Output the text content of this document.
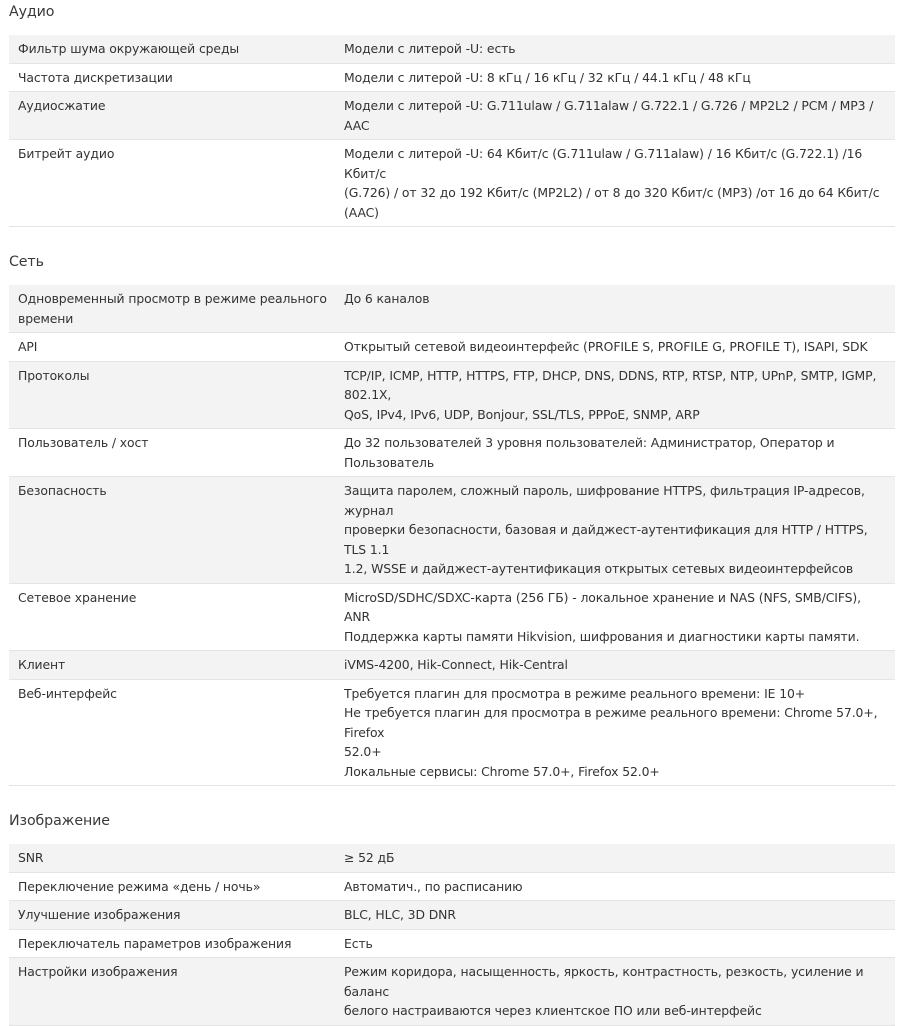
Аудио
Фильтр шума окружающей среды	Модели с литерой -U: есть
Частота дискретизации	Модели с литерой -U: 8 кГц / 16 кГц / 32 кГц / 44.1 кГц / 48 кГц
Аудиосжатие	Модели с литерой -U: G.711ulaw / G.711alaw / G.722.1 / G.726 / MP2L2 / PCM / MP3 / AAC
Битрейт аудио	Модели с литерой -U: 64 Кбит/с (G.711ulaw / G.711alaw) / 16 Кбит/с (G.722.1) /16 Кбит/с
(G.726) / от 32 до 192 Кбит/с (MP2L2) / от 8 до 320 Кбит/с (MP3) /от 16 до 64 Кбит/с (AAC)
Сеть
Одновременный просмотр в режиме реального времени	До 6 каналов
API	Открытый сетевой видеоинтерфейс (PROFILE S, PROFILE G, PROFILE T), ISAPI, SDK
Протоколы	TCP/IP, ICMP, HTTP, HTTPS, FTP, DHCP, DNS, DDNS, RTP, RTSP, NTP, UPnP, SMTP, IGMP, 802.1X,
QoS, IPv4, IPv6, UDP, Bonjour, SSL/TLS, PPPoE, SNMP, ARP
Пользователь / хост	До 32 пользователей 3 уровня пользователей: Администратор, Оператор и Пользователь
Безопасность	Защита паролем, сложный пароль, шифрование HTTPS, фильтрация IP-адресов, журнал
проверки безопасности, базовая и дайджест-аутентификация для HTTP / HTTPS, TLS 1.1
1.2, WSSE и дайджест-аутентификация открытых сетевых видеоинтерфейсов
Сетевое хранение	MicroSD/SDHC/SDXC-карта (256 ГБ) - локальное хранение и NAS (NFS, SMB/CIFS), ANR
Поддержка карты памяти Hikvision, шифрования и диагностики карты памяти.
Клиент	iVMS-4200, Hik-Connect, Hik-Central
Веб-интерфейс	Требуется плагин для просмотра в режиме реального времени: IE 10+
Не требуется плагин для просмотра в режиме реального времени: Chrome 57.0+, Firefox
52.0+
Локальные сервисы: Chrome 57.0+, Firefox 52.0+
Изображение
SNR	≥ 52 дБ
Переключение режима «день / ночь»	Автоматич., по расписанию
Улучшение изображения	BLC, HLC, 3D DNR
Переключатель параметров изображения	Есть
Настройки изображения	Режим коридора, насыщенность, яркость, контрастность, резкость, усиление и баланс
белого настраиваются через клиентское ПО или веб-интерфейс
